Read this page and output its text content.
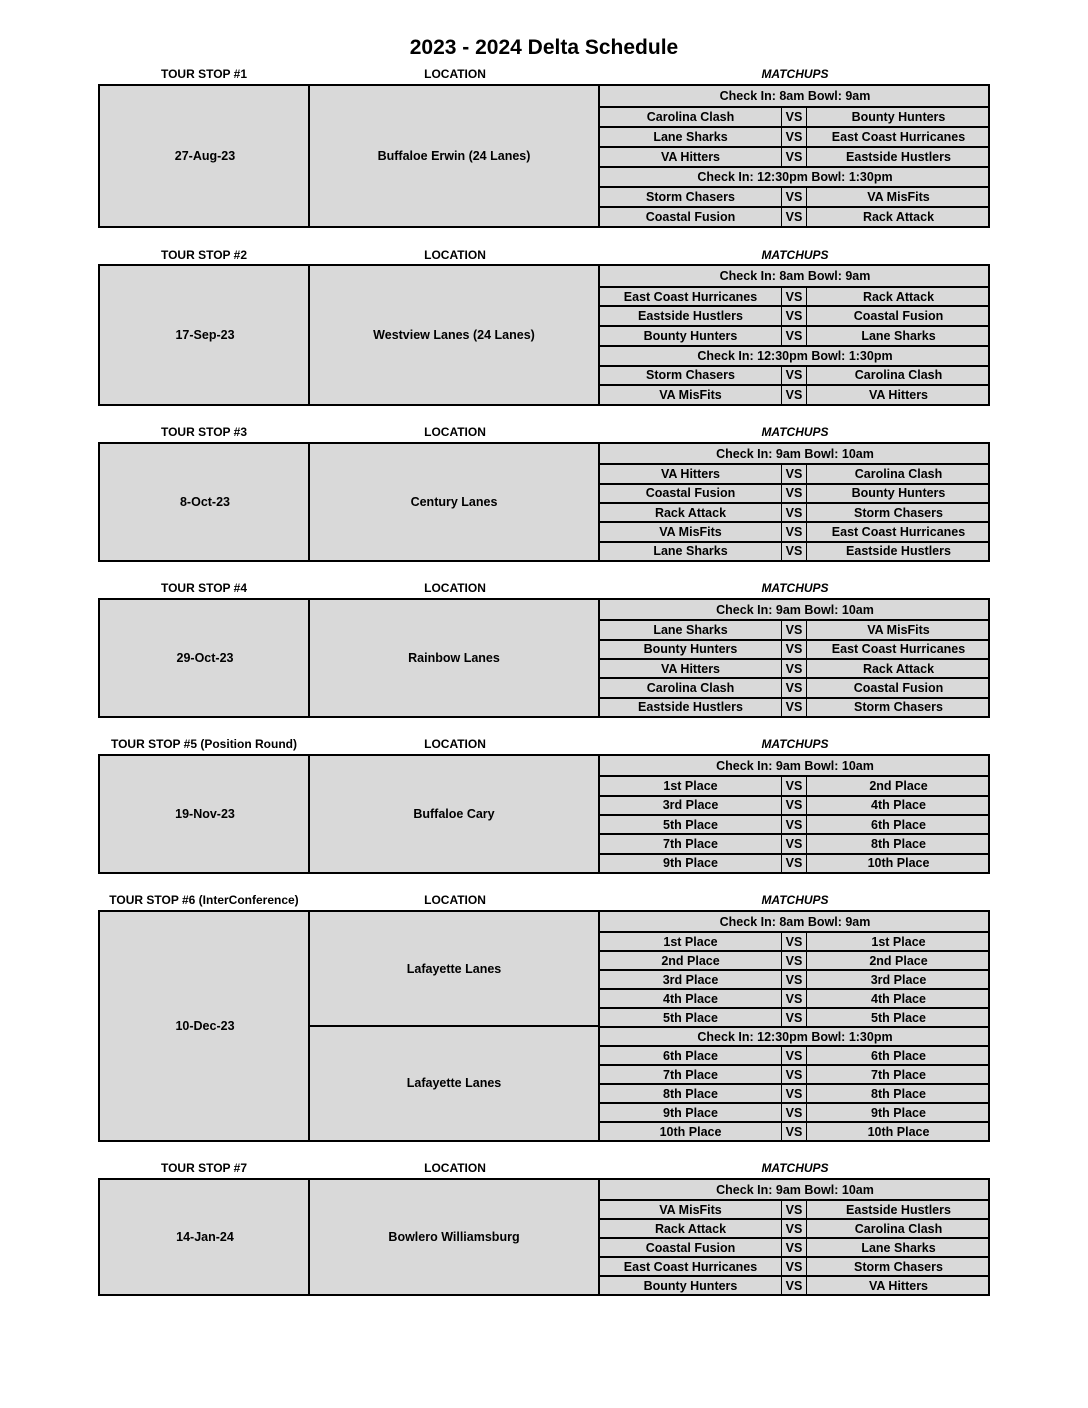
2023 - 2024 Delta Schedule
TOUR STOP #1	LOCATION	MATCHUPS
27-Aug-23	Buffaloe Erwin (24 Lanes)
Check In: 8am Bowl: 9am
Carolina Clash	VS	Bounty Hunters
Lane Sharks	VS	East Coast Hurricanes
VA Hitters	VS	Eastside Hustlers
Check In: 12:30pm Bowl: 1:30pm
Storm Chasers	VS	VA MisFits
Coastal Fusion	VS	Rack Attack
TOUR STOP #2	LOCATION	MATCHUPS
17-Sep-23	Westview Lanes (24 Lanes)
Check In: 8am Bowl: 9am
East Coast Hurricanes	VS	Rack Attack
Eastside Hustlers	VS	Coastal Fusion
Bounty Hunters	VS	Lane Sharks
Check In: 12:30pm Bowl: 1:30pm
Storm Chasers	VS	Carolina Clash
VA MisFits	VS	VA Hitters
TOUR STOP #3	LOCATION	MATCHUPS
8-Oct-23	Century Lanes
Check In: 9am Bowl: 10am
VA Hitters	VS	Carolina Clash
Coastal Fusion	VS	Bounty Hunters
Rack Attack	VS	Storm Chasers
VA MisFits	VS	East Coast Hurricanes
Lane Sharks	VS	Eastside Hustlers
TOUR STOP #4	LOCATION	MATCHUPS
29-Oct-23	Rainbow Lanes
Check In: 9am Bowl: 10am
Lane Sharks	VS	VA MisFits
Bounty Hunters	VS	East Coast Hurricanes
VA Hitters	VS	Rack Attack
Carolina Clash	VS	Coastal Fusion
Eastside Hustlers	VS	Storm Chasers
TOUR STOP #5 (Position Round)	LOCATION	MATCHUPS
19-Nov-23	Buffaloe Cary
Check In: 9am Bowl: 10am
1st Place	VS	2nd Place
3rd Place	VS	4th Place
5th Place	VS	6th Place
7th Place	VS	8th Place
9th Place	VS	10th Place
TOUR STOP #6 (InterConference)	LOCATION	MATCHUPS
10-Dec-23
Lafayette Lanes
Lafayette Lanes
Check In: 8am Bowl: 9am
1st Place	VS	1st Place
2nd Place	VS	2nd Place
3rd Place	VS	3rd Place
4th Place	VS	4th Place
5th Place	VS	5th Place
Check In: 12:30pm Bowl: 1:30pm
6th Place	VS	6th Place
7th Place	VS	7th Place
8th Place	VS	8th Place
9th Place	VS	9th Place
10th Place	VS	10th Place
TOUR STOP #7	LOCATION	MATCHUPS
14-Jan-24	Bowlero Williamsburg
Check In: 9am Bowl: 10am
VA MisFits	VS	Eastside Hustlers
Rack Attack	VS	Carolina Clash
Coastal Fusion	VS	Lane Sharks
East Coast Hurricanes	VS	Storm Chasers
Bounty Hunters	VS	VA Hitters
